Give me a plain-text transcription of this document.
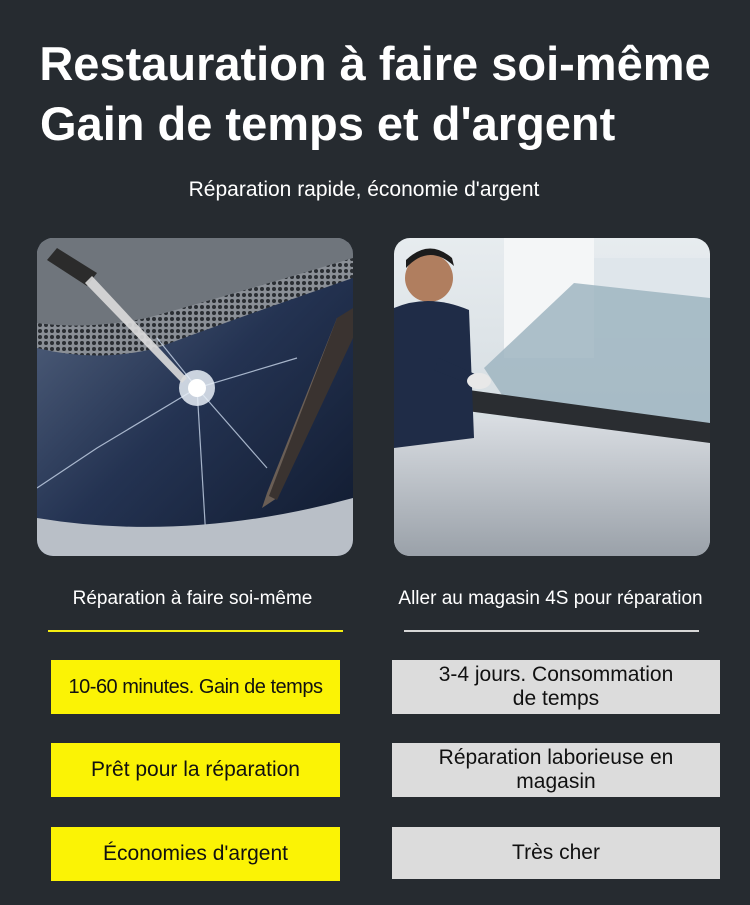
Restauration à faire soi-même
Gain de temps et d'argent
Réparation rapide, économie d'argent
Réparation à faire soi-même	Aller au magasin 4S pour réparation
10-60 minutes. Gain de temps
Prêt pour la réparation
Économies d'argent
3-4 jours. Consommation de temps
Réparation laborieuse en magasin
Très cher
